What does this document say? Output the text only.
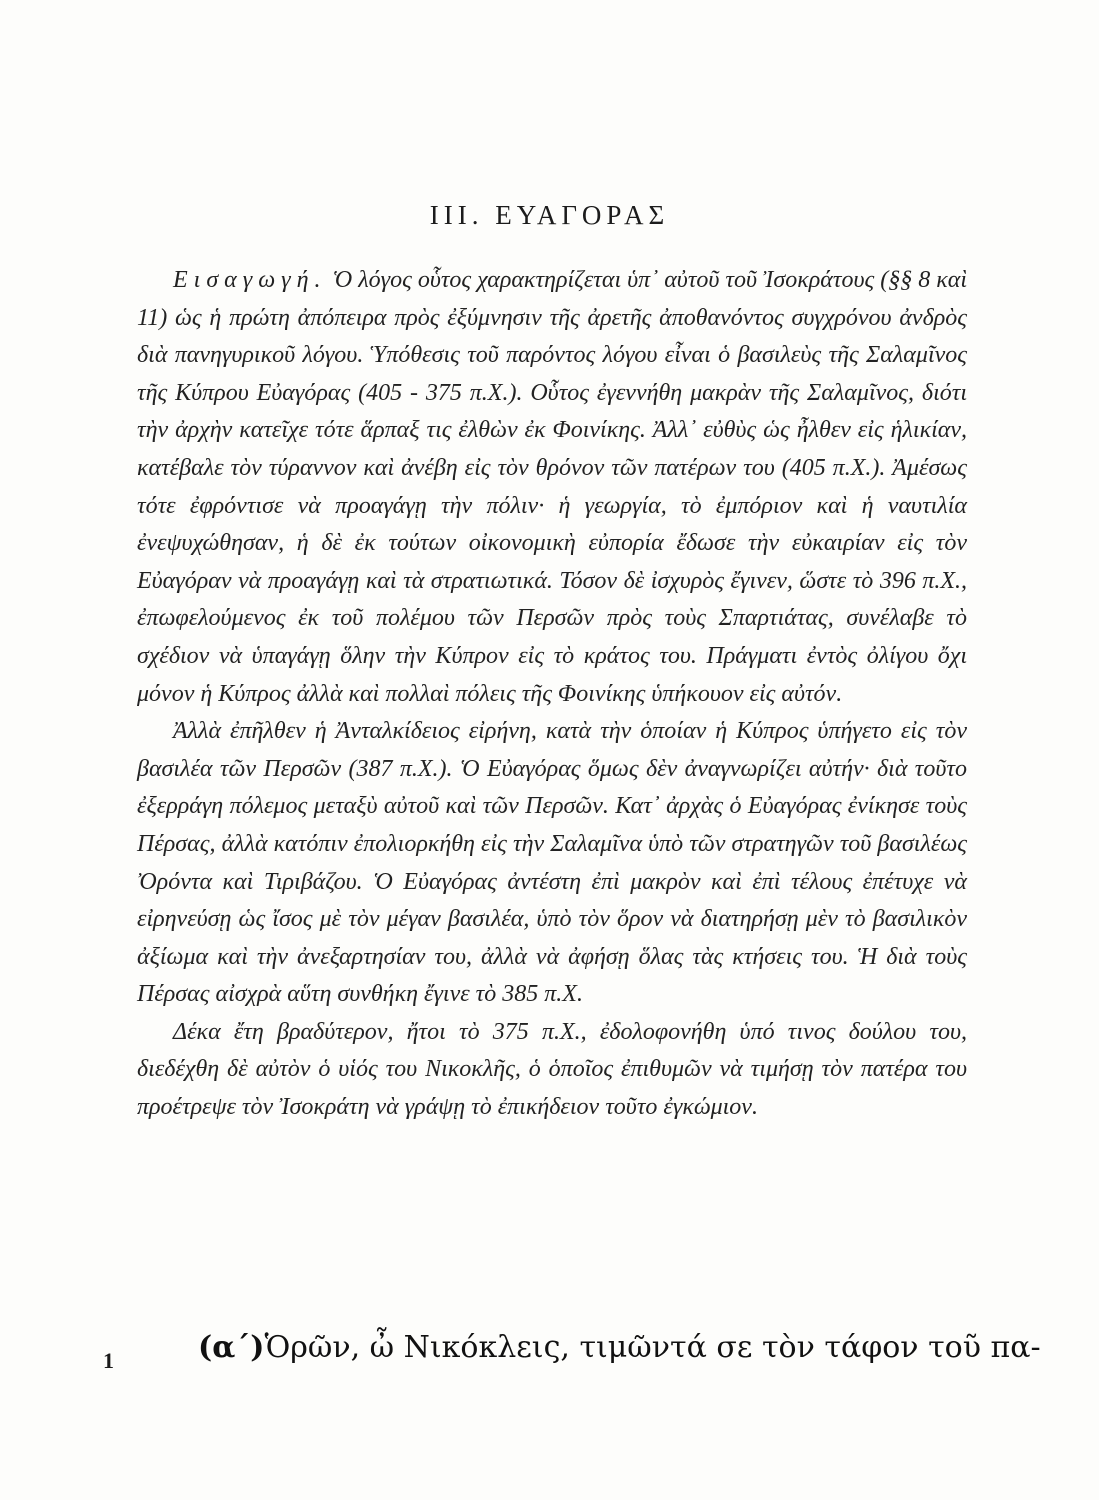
III. ΕΥΑΓΟΡΑΣ

Εισαγωγή. Ὁ λόγος οὗτος χαρακτηρίζεται ὑπ᾽ αὐτοῦ τοῦ Ἰσοκράτους (§§ 8 καὶ 11) ὡς ἡ πρώτη ἀπόπειρα πρὸς ἐξύμνησιν τῆς ἀρετῆς ἀποθανόντος συγχρόνου ἀνδρὸς διὰ πανηγυρικοῦ λόγου. Ὑπόθεσις τοῦ παρόντος λόγου εἶναι ὁ βασιλεὺς τῆς Σαλαμῖνος τῆς Κύπρου Εὐαγόρας (405 - 375 π.Χ.). Οὗτος ἐγεννήθη μακρὰν τῆς Σαλαμῖνος, διότι τὴν ἀρχὴν κατεῖχε τότε ἅρπαξ τις ἐλθὼν ἐκ Φοινίκης. Ἀλλ᾽ εὐθὺς ὡς ἦλθεν εἰς ἡλικίαν, κατέβαλε τὸν τύραννον καὶ ἀνέβη εἰς τὸν θρόνον τῶν πατέρων του (405 π.Χ.). Ἀμέσως τότε ἐφρόντισε νὰ προαγάγῃ τὴν πόλιν· ἡ γεωργία, τὸ ἐμπόριον καὶ ἡ ναυτιλία ἐνεψυχώθησαν, ἡ δὲ ἐκ τούτων οἰκονομικὴ εὐπορία ἔδωσε τὴν εὐκαιρίαν εἰς τὸν Εὐαγόραν νὰ προαγάγῃ καὶ τὰ στρατιωτικά. Τόσον δὲ ἰσχυρὸς ἔγινεν, ὥστε τὸ 396 π.Χ., ἐπωφελούμενος ἐκ τοῦ πολέμου τῶν Περσῶν πρὸς τοὺς Σπαρτιάτας, συνέλαβε τὸ σχέδιον νὰ ὑπαγάγῃ ὅλην τὴν Κύπρον εἰς τὸ κράτος του. Πράγματι ἐντὸς ὀλίγου ὄχι μόνον ἡ Κύπρος ἀλλὰ καὶ πολλαὶ πόλεις τῆς Φοινίκης ὑπήκουον εἰς αὐτόν.

Ἀλλὰ ἐπῆλθεν ἡ Ἀνταλκίδειος εἰρήνη, κατὰ τὴν ὁποίαν ἡ Κύπρος ὑπήγετο εἰς τὸν βασιλέα τῶν Περσῶν (387 π.Χ.). Ὁ Εὐαγόρας ὅμως δὲν ἀναγνωρίζει αὐτήν· διὰ τοῦτο ἐξερράγη πόλεμος μεταξὺ αὐτοῦ καὶ τῶν Περσῶν. Κατ᾽ ἀρχὰς ὁ Εὐαγόρας ἐνίκησε τοὺς Πέρσας, ἀλλὰ κατόπιν ἐπολιορκήθη εἰς τὴν Σαλαμῖνα ὑπὸ τῶν στρατηγῶν τοῦ βασιλέως Ὀρόντα καὶ Τιριβάζου. Ὁ Εὐαγόρας ἀντέστη ἐπὶ μακρὸν καὶ ἐπὶ τέλους ἐπέτυχε νὰ εἰρηνεύσῃ ὡς ἴσος μὲ τὸν μέγαν βασιλέα, ὑπὸ τὸν ὅρον νὰ διατηρήσῃ μὲν τὸ βασιλικὸν ἀξίωμα καὶ τὴν ἀνεξαρτησίαν του, ἀλλὰ νὰ ἀφήσῃ ὅλας τὰς κτήσεις του. Ἡ διὰ τοὺς Πέρσας αἰσχρὰ αὕτη συνθήκη ἔγινε τὸ 385 π.Χ.

Δέκα ἔτη βραδύτερον, ἤτοι τὸ 375 π.Χ., ἐδολοφονήθη ὑπό τινος δούλου του, διεδέχθη δὲ αὐτὸν ὁ υἱός του Νικοκλῆς, ὁ ὁποῖος ἐπιθυμῶν νὰ τιμήσῃ τὸν πατέρα του προέτρεψε τὸν Ἰσοκράτη νὰ γράψῃ τὸ ἐπικήδειον τοῦτο ἐγκώμιον.

1	(α΄)Ὁρῶν, ὦ Νικόκλεις, τιμῶντά σε τὸν τάφον τοῦ πα-
